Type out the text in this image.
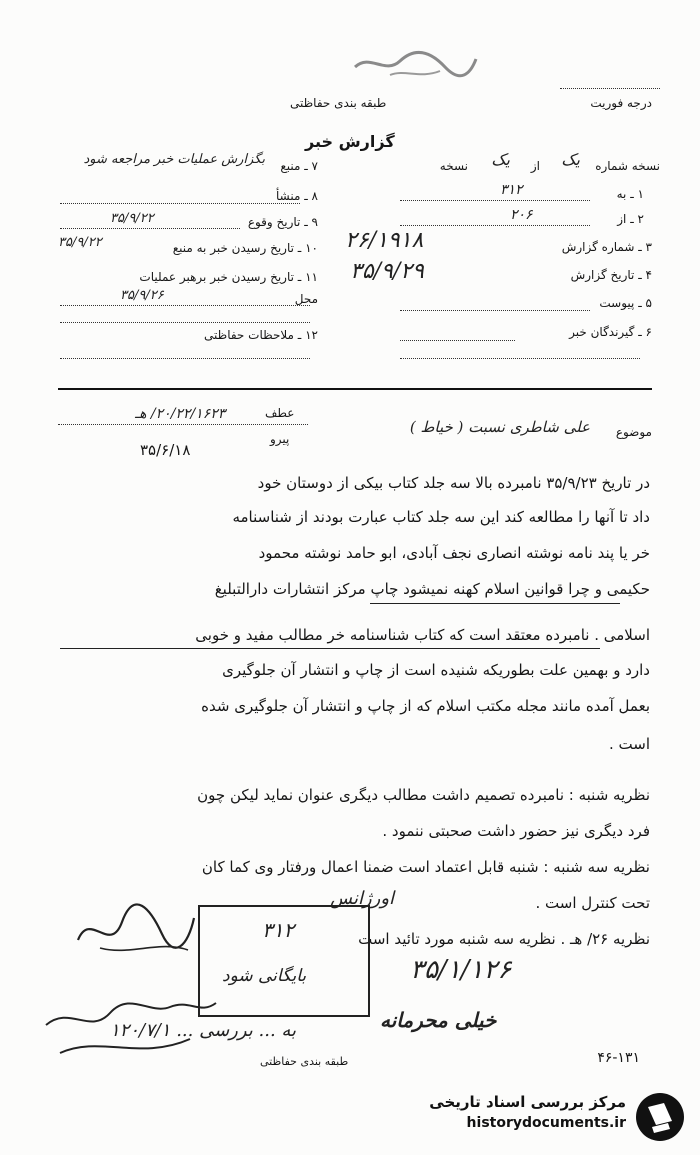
طبقه بندی حفاظتی	درجه فوریت
گزارش خبر
۷ ـ منبع
بگزارش عملیات خبر مراجعه شود
۸ ـ منشأ
۹ ـ تاریخ وقوع
۳۵/۹/۲۲
۱۰ ـ تاریخ رسیدن خبر به منبع
۳۵/۹/۲۲
۱۱ ـ تاریخ رسیدن خبر برهبر عملیات
محل
۳۵/۹/۲۶
۱۲ ـ ملاحظات حفاظتی
نسخه شماره
یک
از
یک
نسخه
۱ ـ به
۳۱۲
۲ ـ از
۲۰۶
۳ ـ شماره گزارش
۲۶/۱۹۱۸
۴ ـ تاریخ گزارش
۳۵/۹/۲۹
۵ ـ پیوست
۶ ـ گیرندگان خبر
موضوع
علی شاطری نسبت ( خیاط )
عطف
۲۰/۲۲/۱۶۲۳/ هـ
پیرو
۳۵/۶/۱۸
در تاریخ ۳۵/۹/۲۳ نامبرده بالا سه جلد کتاب بیکی از دوستان خود
داد تا آنها را مطالعه کند این سه جلد کتاب عبارت بودند از شناسنامه
خر یا پند نامه نوشته انصاری نجف آبادی، ابو حامد نوشته محمود
حکیمی و چرا قوانین اسلام کهنه نمیشود چاپ مرکز انتشارات دارالتبلیغ
اسلامی . نامبرده معتقد است که کتاب شناسنامه خر مطالب مفید و خوبی
دارد و بهمین علت بطوریکه شنیده است از چاپ و انتشار آن جلوگیری
بعمل آمده مانند مجله مکتب اسلام که از چاپ و انتشار آن جلوگیری شده
است .
نظریه شنبه : نامبرده تصمیم داشت مطالب دیگری عنوان نماید لیکن چون
فرد دیگری نیز حضور داشت صحبتی ننمود .
نظریه سه شنبه : شنبه قابل اعتماد است ضمنا اعمال ورفتار وی کما کان
تحت کنترل است .
اورژانس
نظریه ۲۶/ هـ . نظریه سه شنبه مورد تائید است
۳۱۲
بایگانی شود	۳۵/۱/۱۲۶
خیلی محرمانه
به ... بررسی ... ۱۲۰/۷/۱
طبقه بندی حفاظتی	۴۶-۱۳۱
مرکز بررسی اسناد تاریخی
historydocuments.ir
